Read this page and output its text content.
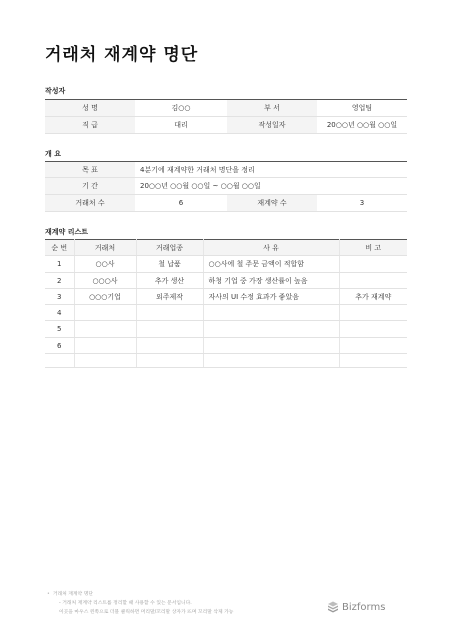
거래처 재계약 명단
작성자
성 명	김○○	부 서	영업팀
직 급	대리	작성일자	20○○년 ○○월 ○○일
개 요
목 표	4분기에 재계약한 거래처 명단을 정리		
기 간	20○○년 ○○월 ○○일 ~ ○○월 ○○일		
거래처 수	6	재계약 수	3
재계약 리스트
순 번	거래처	거래업종	사 유	비 고
1	○○사	철 납품	○○사에 철 주문 금액이 적합함	
2	○○○사	추가 생산	하청 기업 중 가장 생산률이 높음	
3	○○○기업	외주제작	자사의 UI 수정 효과가 좋았음	추가 재계약
4				
5				
6				

• 거래처 재계약 명단
- 거래처 재계약 리스트를 정리할 때 사용할 수 있는 문서입니다.
이곳을 마우스 왼쪽으로 더블 클릭하면 머리말/꼬리말 상자가 뜨며 꼬리말 삭제 가능	Bizforms
